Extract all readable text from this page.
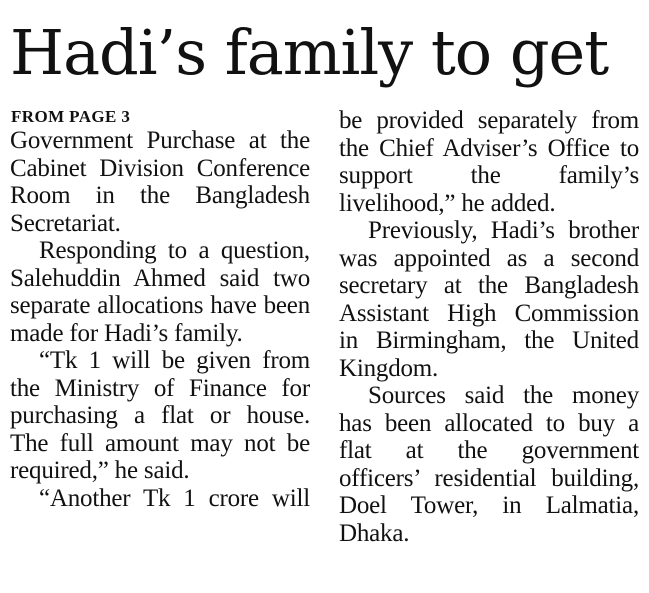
Hadi’s family to get
FROM PAGE 3

Government Purchase at the Cabinet Division Conference Room in the Bangladesh Secretariat.

Responding to a question, Salehuddin Ahmed said two separate allocations have been made for Hadi’s family.

“Tk 1 will be given from the Ministry of Finance for purchasing a flat or house. The full amount may not be required,” he said.

“Another Tk 1 crore will

be provided separately from the Chief Adviser’s Office to support the family’s livelihood,” he added.

Previously, Hadi’s brother was appointed as a second secretary at the Bangladesh Assistant High Commission in Birmingham, the United Kingdom.

Sources said the money has been allocated to buy a flat at the government officers’ residential building, Doel Tower, in Lalmatia, Dhaka.
